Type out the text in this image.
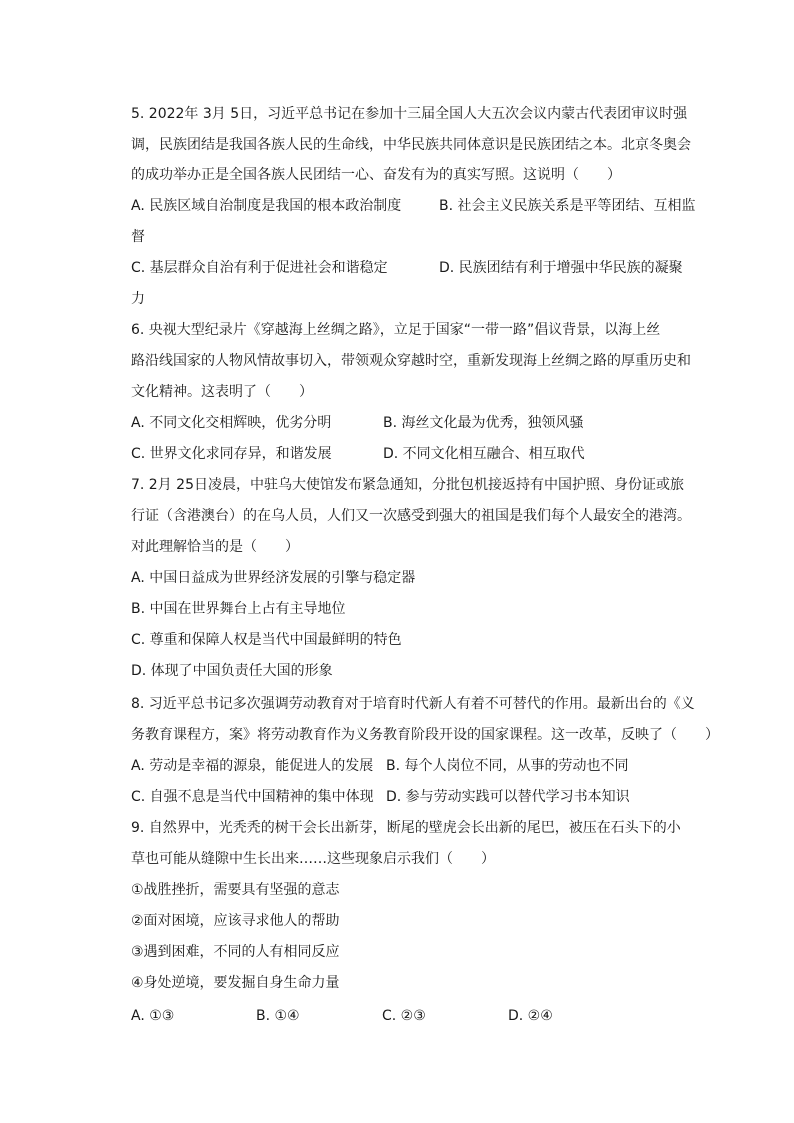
5. 2022年 3月 5日，习近平总书记在参加十三届全国人大五次会议内蒙古代表团审议时强
调，民族团结是我国各族人民的生命线，中华民族共同体意识是民族团结之本。北京冬奥会
的成功举办正是全国各族人民团结一心、奋发有为的真实写照。这说明（　　）
A. 民族区域自治制度是我国的根本政治制度	B. 社会主义民族关系是平等团结、互相监
督
C. 基层群众自治有利于促进社会和谐稳定	D. 民族团结有利于增强中华民族的凝聚
力
6. 央视大型纪录片《穿越海上丝绸之路》，立足于国家“一带一路”倡议背景，以海上丝
路沿线国家的人物风情故事切入，带领观众穿越时空，重新发现海上丝绸之路的厚重历史和
文化精神。这表明了（　　）
A. 不同文化交相辉映，优劣分明	B. 海丝文化最为优秀，独领风骚
C. 世界文化求同存异，和谐发展	D. 不同文化相互融合、相互取代
7. 2月 25日凌晨，中驻乌大使馆发布紧急通知，分批包机接返持有中国护照、身份证或旅
行证（含港澳台）的在乌人员，人们又一次感受到强大的祖国是我们每个人最安全的港湾。
对此理解恰当的是（　　）
A. 中国日益成为世界经济发展的引擎与稳定器
B. 中国在世界舞台上占有主导地位
C. 尊重和保障人权是当代中国最鲜明的特色
D. 体现了中国负责任大国的形象
8. 习近平总书记多次强调劳动教育对于培育时代新人有着不可替代的作用。最新出台的《义
务教育课程方，案》将劳动教育作为义务教育阶段开设的国家课程。这一改革，反映了（　　）
A. 劳动是幸福的源泉，能促进人的发展 B. 每个人岗位不同，从事的劳动也不同
C. 自强不息是当代中国精神的集中体现 D. 参与劳动实践可以替代学习书本知识
9. 自然界中，光秃秃的树干会长出新芽，断尾的壁虎会长出新的尾巴，被压在石头下的小
草也可能从缝隙中生长出来……这些现象启示我们（　　）
①战胜挫折，需要具有坚强的意志
②面对困境，应该寻求他人的帮助
③遇到困难，不同的人有相同反应
④身处逆境，要发掘自身生命力量
A. ①③	B. ①④	C. ②③	D. ②④
